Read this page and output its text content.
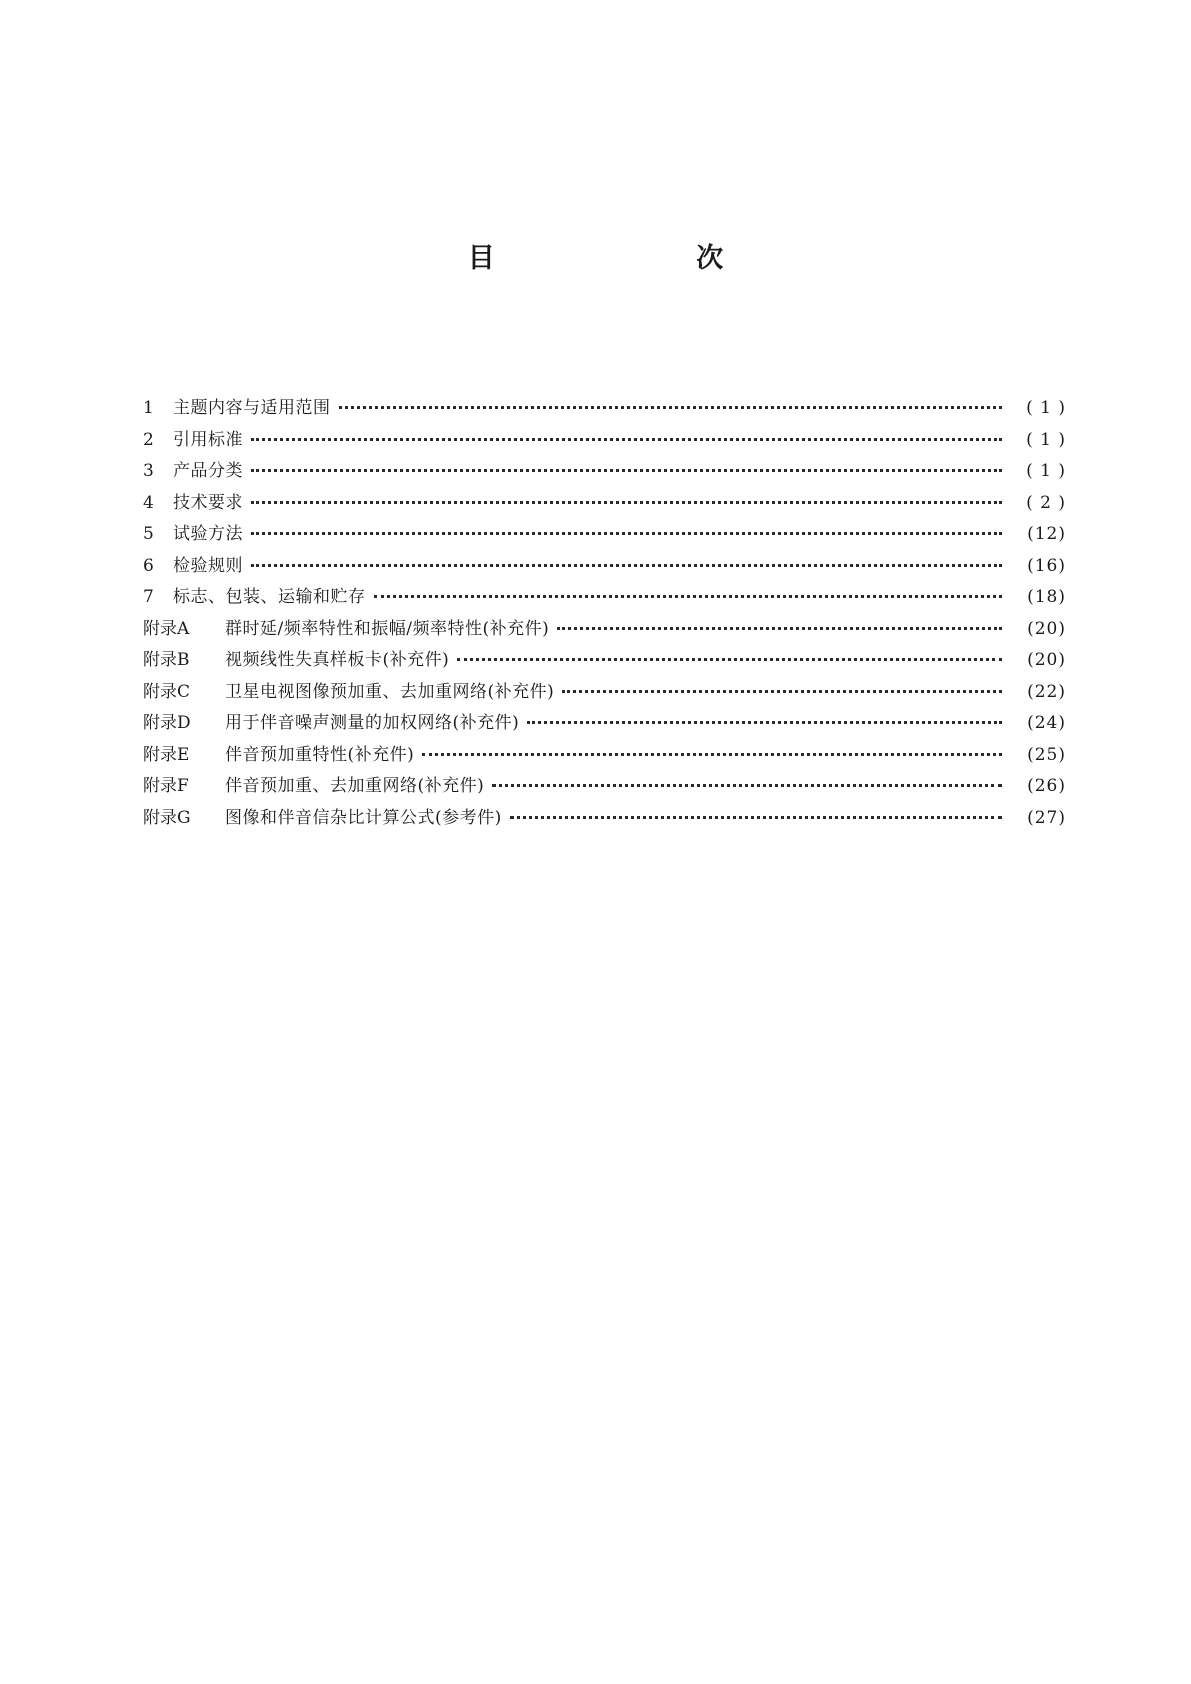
目 次
1	主题内容与适用范围	( 1 )
2	引用标准	( 1 )
3	产品分类	( 1 )
4	技术要求	( 2 )
5	试验方法	(12)
6	检验规则	(16)
7	标志、包装、运输和贮存	(18)
附录A	群时延/频率特性和振幅/频率特性(补充件)	(20)
附录B	视频线性失真样板卡(补充件)	(20)
附录C	卫星电视图像预加重、去加重网络(补充件)	(22)
附录D	用于伴音噪声测量的加权网络(补充件)	(24)
附录E	伴音预加重特性(补充件)	(25)
附录F	伴音预加重、去加重网络(补充件)	(26)
附录G	图像和伴音信杂比计算公式(参考件)	(27)
